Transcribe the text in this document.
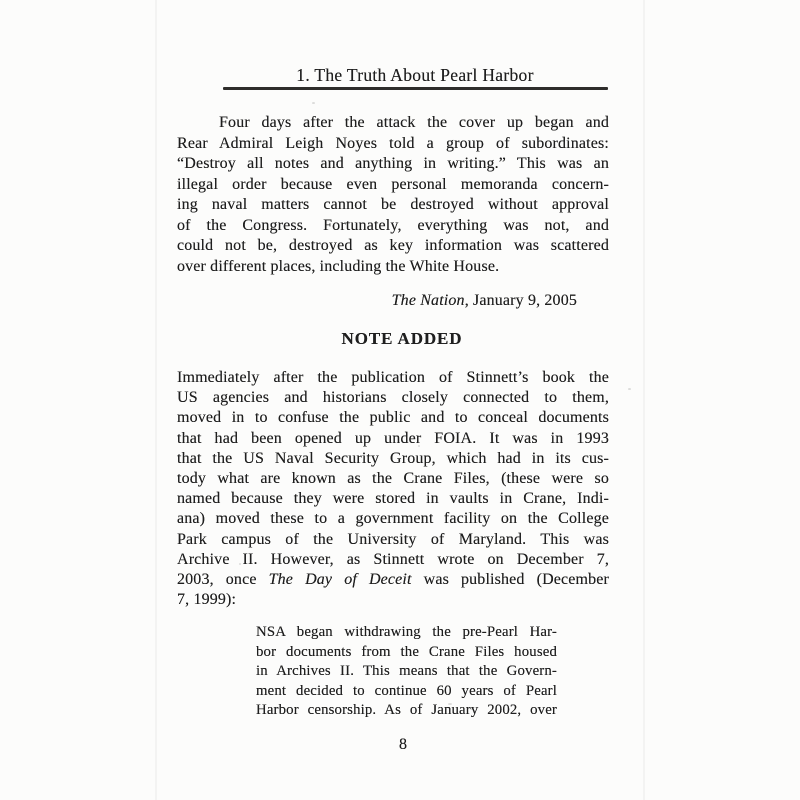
1. The Truth About Pearl Harbor
Four days after the attack the cover up began and
Rear Admiral Leigh Noyes told a group of subordinates:
“Destroy all notes and anything in writing.” This was an
illegal order because even personal memoranda concern-
ing naval matters cannot be destroyed without approval
of the Congress. Fortunately, everything was not, and
could not be, destroyed as key information was scattered
over different places, including the White House.
The Nation, January 9, 2005
NOTE ADDED
Immediately after the publication of Stinnett’s book the
US agencies and historians closely connected to them,
moved in to confuse the public and to conceal documents
that had been opened up under FOIA. It was in 1993
that the US Naval Security Group, which had in its cus-
tody what are known as the Crane Files, (these were so
named because they were stored in vaults in Crane, Indi-
ana) moved these to a government facility on the College
Park campus of the University of Maryland. This was
Archive II. However, as Stinnett wrote on December 7,
2003, once The Day of Deceit was published (December
7, 1999):
NSA began withdrawing the pre-Pearl Har-
bor documents from the Crane Files housed
in Archives II. This means that the Govern-
ment decided to continue 60 years of Pearl
Harbor censorship. As of January 2002, over
8
